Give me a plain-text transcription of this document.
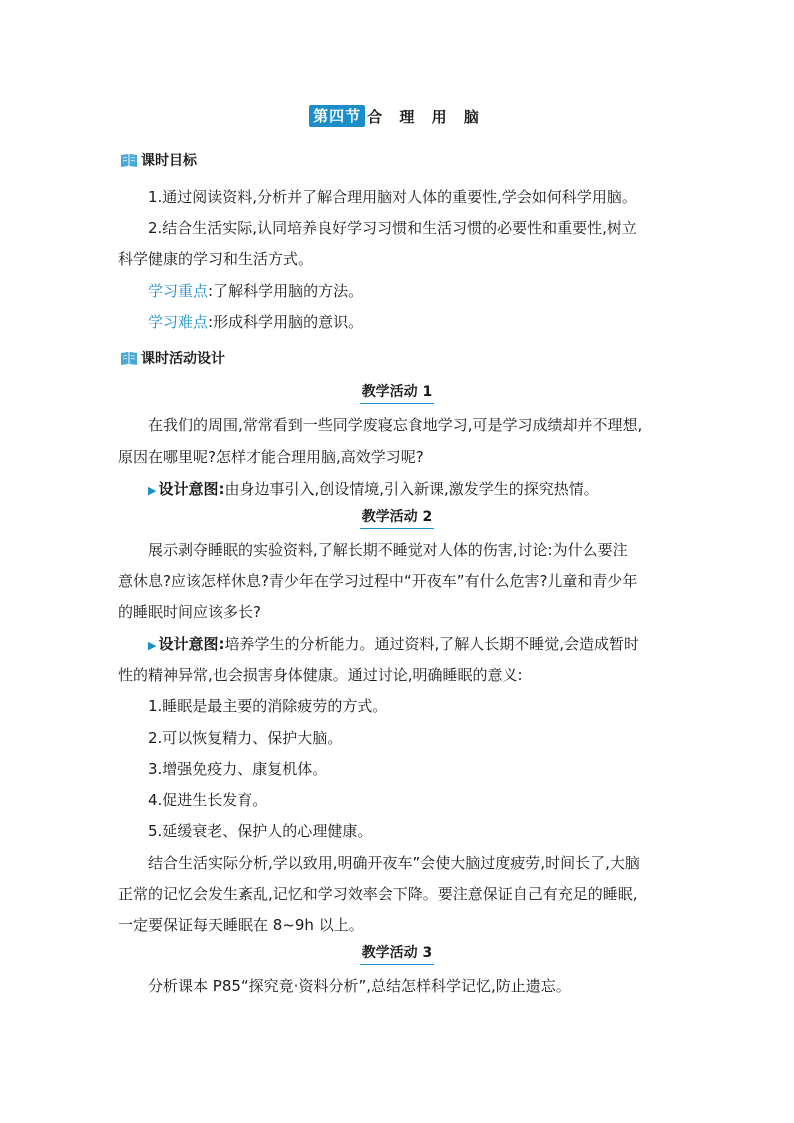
第四节 合 理 用 脑
课时目标
1.通过阅读资料,分析并了解合理用脑对人体的重要性,学会如何科学用脑。
2.结合生活实际,认同培养良好学习习惯和生活习惯的必要性和重要性,树立
科学健康的学习和生活方式。
学习重点:了解科学用脑的方法。
学习难点:形成科学用脑的意识。
课时活动设计
教学活动 1
在我们的周围,常常看到一些同学废寝忘食地学习,可是学习成绩却并不理想,
原因在哪里呢?怎样才能合理用脑,高效学习呢?
▶ 设计意图:由身边事引入,创设情境,引入新课,激发学生的探究热情。
教学活动 2
展示剥夺睡眠的实验资料,了解长期不睡觉对人体的伤害,讨论:为什么要注
意休息?应该怎样休息?青少年在学习过程中“开夜车”有什么危害?儿童和青少年
的睡眠时间应该多长?
▶ 设计意图:培养学生的分析能力。通过资料,了解人长期不睡觉,会造成暂时
性的精神异常,也会损害身体健康。通过讨论,明确睡眠的意义:
1.睡眠是最主要的消除疲劳的方式。
2.可以恢复精力、保护大脑。
3.增强免疫力、康复机体。
4.促进生长发育。
5.延缓衰老、保护人的心理健康。
结合生活实际分析,学以致用,明确开夜车”会使大脑过度疲劳,时间长了,大脑
正常的记忆会发生紊乱,记忆和学习效率会下降。要注意保证自己有充足的睡眠,
一定要保证每天睡眠在 8~9h 以上。
教学活动 3
分析课本 P85“探究竟·资料分析”,总结怎样科学记忆,防止遗忘。
